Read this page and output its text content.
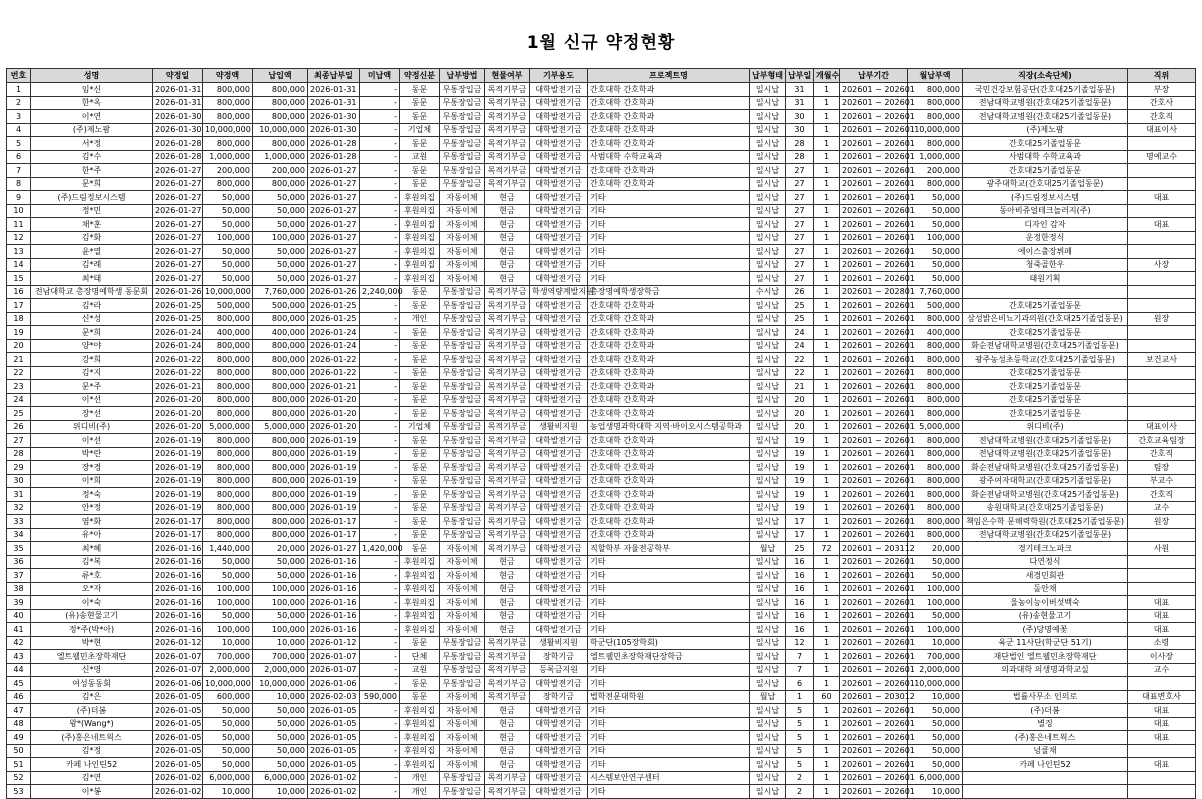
1월 신규 약정현황
번호	성명	약정일	약정액	납입액	최종납부일	미납액	약정신분	납부방법	현물여부	기부용도	프로젝트명	납부형태	납부일	개월수	납부기간	월납부액	직장(소속단체)	직위
1	임*신	2026-01-31	800,000	800,000	2026-01-31	-	동문	무통장입금	목적기부금	대학발전기금	간호대학 간호학과	일시납	31	1	202601 ~ 202601	800,000	국민건강보험공단(간호대25기졸업동문)	부장
2	한*옥	2026-01-31	800,000	800,000	2026-01-31	-	동문	무통장입금	목적기부금	대학발전기금	간호대학 간호학과	일시납	31	1	202601 ~ 202601	800,000	전남대학교병원(간호대25기졸업동문)	간호사
3	이*연	2026-01-30	800,000	800,000	2026-01-30	-	동문	무통장입금	목적기부금	대학발전기금	간호대학 간호학과	일시납	30	1	202601 ~ 202601	800,000	전남대학교병원(간호대25기졸업동문)	간호직
4	(주)제노팜	2026-01-30	10,000,000	10,000,000	2026-01-30	-	기업체	무통장입금	목적기부금	대학발전기금	간호대학 간호학과	일시납	30	1	202601 ~ 202601	10,000,000	(주)제노팜	대표이사
5	서*정	2026-01-28	800,000	800,000	2026-01-28	-	동문	무통장입금	목적기부금	대학발전기금	간호대학 간호학과	일시납	28	1	202601 ~ 202601	800,000	간호대25기졸업동문	
6	김*수	2026-01-28	1,000,000	1,000,000	2026-01-28	-	교원	무통장입금	목적기부금	대학발전기금	사범대학 수학교육과	일시납	28	1	202601 ~ 202601	1,000,000	사범대학 수학교육과	명예교수
7	한*주	2026-01-27	200,000	200,000	2026-01-27	-	동문	무통장입금	목적기부금	대학발전기금	간호대학 간호학과	일시납	27	1	202601 ~ 202601	200,000	간호대25기졸업동문	
8	문*희	2026-01-27	800,000	800,000	2026-01-27	-	동문	무통장입금	목적기부금	대학발전기금	간호대학 간호학과	일시납	27	1	202601 ~ 202601	800,000	광주대학교(간호대25기졸업동문)	
9	(주)드림정보시스템	2026-01-27	50,000	50,000	2026-01-27	-	후원의집	자동이체	현금	대학발전기금	기타	일시납	27	1	202601 ~ 202601	50,000	(주)드림정보시스템	대표
10	정*민	2026-01-27	50,000	50,000	2026-01-27	-	후원의집	자동이체	현금	대학발전기금	기타	일시납	27	1	202601 ~ 202601	50,000	동아비쥬얼테크놀러지(주)	
11	채*훈	2026-01-27	50,000	50,000	2026-01-27	-	후원의집	자동이체	현금	대학발전기금	기타	일시납	27	1	202601 ~ 202601	50,000	디자인 감자	대표
12	김*화	2026-01-27	100,000	100,000	2026-01-27	-	후원의집	자동이체	현금	대학발전기금	기타	일시납	27	1	202601 ~ 202601	100,000	운정한정식	
13	윤*열	2026-01-27	50,000	50,000	2026-01-27	-	후원의집	자동이체	현금	대학발전기금	기타	일시납	27	1	202601 ~ 202601	50,000	에이스출장뷔페	
14	김*례	2026-01-27	50,000	50,000	2026-01-27	-	후원의집	자동이체	현금	대학발전기금	기타	일시납	27	1	202601 ~ 202601	50,000	청죽골한우	사장
15	최*태	2026-01-27	50,000	50,000	2026-01-27	-	후원의집	자동이체	현금	대학발전기금	기타	일시납	27	1	202601 ~ 202601	50,000	태원기획	
16	전남대학교 총장명예학생 동문회	2026-01-26	10,000,000	7,760,000	2026-01-26	2,240,000	동문	무통장입금	목적기부금	학생역량계발지원	총장명예학생장학금	수시납	26	1	202601 ~ 202801	7,760,000		
17	김*라	2026-01-25	500,000	500,000	2026-01-25	-	동문	무통장입금	목적기부금	대학발전기금	간호대학 간호학과	일시납	25	1	202601 ~ 202601	500,000	간호대25기졸업동문	
18	신*성	2026-01-25	800,000	800,000	2026-01-25	-	개인	무통장입금	목적기부금	대학발전기금	간호대학 간호학과	일시납	25	1	202601 ~ 202601	800,000	삼성밝은비뇨기과의원(간호대25기졸업동문)	원장
19	문*희	2026-01-24	400,000	400,000	2026-01-24	-	동문	무통장입금	목적기부금	대학발전기금	간호대학 간호학과	일시납	24	1	202601 ~ 202601	400,000	간호대25기졸업동문	
20	양*야	2026-01-24	800,000	800,000	2026-01-24	-	동문	무통장입금	목적기부금	대학발전기금	간호대학 간호학과	일시납	24	1	202601 ~ 202601	800,000	화순전남대학교병원(간호대25기졸업동문)	
21	강*희	2026-01-22	800,000	800,000	2026-01-22	-	동문	무통장입금	목적기부금	대학발전기금	간호대학 간호학과	일시납	22	1	202601 ~ 202601	800,000	광주농성초등학교(간호대25기졸업동문)	보건교사
22	김*지	2026-01-22	800,000	800,000	2026-01-22	-	동문	무통장입금	목적기부금	대학발전기금	간호대학 간호학과	일시납	22	1	202601 ~ 202601	800,000	간호대25기졸업동문	
23	문*주	2026-01-21	800,000	800,000	2026-01-21	-	동문	무통장입금	목적기부금	대학발전기금	간호대학 간호학과	일시납	21	1	202601 ~ 202601	800,000	간호대25기졸업동문	
24	이*선	2026-01-20	800,000	800,000	2026-01-20	-	동문	무통장입금	목적기부금	대학발전기금	간호대학 간호학과	일시납	20	1	202601 ~ 202601	800,000	간호대25기졸업동문	
25	장*선	2026-01-20	800,000	800,000	2026-01-20	-	동문	무통장입금	목적기부금	대학발전기금	간호대학 간호학과	일시납	20	1	202601 ~ 202601	800,000	간호대25기졸업동문	
26	위디비(주)	2026-01-20	5,000,000	5,000,000	2026-01-20	-	기업체	무통장입금	목적기부금	생활비지원	농업생명과학대학 지역·바이오시스템공학과	일시납	20	1	202601 ~ 202601	5,000,000	위디비(주)	대표이사
27	이*선	2026-01-19	800,000	800,000	2026-01-19	-	동문	무통장입금	목적기부금	대학발전기금	간호대학 간호학과	일시납	19	1	202601 ~ 202601	800,000	전남대학교병원(간호대25기졸업동문)	간호교육팀장
28	박*란	2026-01-19	800,000	800,000	2026-01-19	-	동문	무통장입금	목적기부금	대학발전기금	간호대학 간호학과	일시납	19	1	202601 ~ 202601	800,000	전남대학교병원(간호대25기졸업동문)	간호직
29	장*경	2026-01-19	800,000	800,000	2026-01-19	-	동문	무통장입금	목적기부금	대학발전기금	간호대학 간호학과	일시납	19	1	202601 ~ 202601	800,000	화순전남대학교병원(간호대25기졸업동문)	팀장
30	이*희	2026-01-19	800,000	800,000	2026-01-19	-	동문	무통장입금	목적기부금	대학발전기금	간호대학 간호학과	일시납	19	1	202601 ~ 202601	800,000	광주여자대학교(간호대25기졸업동문)	부교수
31	정*숙	2026-01-19	800,000	800,000	2026-01-19	-	동문	무통장입금	목적기부금	대학발전기금	간호대학 간호학과	일시납	19	1	202601 ~ 202601	800,000	화순전남대학교병원(간호대25기졸업동문)	간호직
32	안*정	2026-01-19	800,000	800,000	2026-01-19	-	동문	무통장입금	목적기부금	대학발전기금	간호대학 간호학과	일시납	19	1	202601 ~ 202601	800,000	송원대학교(간호대25기졸업동문)	교수
33	염*화	2026-01-17	800,000	800,000	2026-01-17	-	동문	무통장입금	목적기부금	대학발전기금	간호대학 간호학과	일시납	17	1	202601 ~ 202601	800,000	책임은수학 문해력학원(간호대25기졸업동문)	원장
34	유*아	2026-01-17	800,000	800,000	2026-01-17	-	동문	무통장입금	목적기부금	대학발전기금	간호대학 간호학과	일시납	17	1	202601 ~ 202601	800,000	전남대학교병원(간호대25기졸업동문)	
35	최*혜	2026-01-16	1,440,000	20,000	2026-01-27	1,420,000	동문	자동이체	목적기부금	대학발전기금	직할학부 자율전공학부	월납	25	72	202601 ~ 203112	20,000	경기테크노파크	사원
36	김*복	2026-01-16	50,000	50,000	2026-01-16	-	후원의집	자동이체	현금	대학발전기금	기타	일시납	16	1	202601 ~ 202601	50,000	다연정식	
37	류*호	2026-01-16	50,000	50,000	2026-01-16	-	후원의집	자동이체	현금	대학발전기금	기타	일시납	16	1	202601 ~ 202601	50,000	새경민회관	
38	오*자	2026-01-16	100,000	100,000	2026-01-16	-	후원의집	자동이체	현금	대학발전기금	기타	일시납	16	1	202601 ~ 202601	100,000	돌안채	
39	이*숙	2026-01-16	100,000	100,000	2026-01-16	-	후원의집	자동이체	현금	대학발전기금	기타	일시납	16	1	202601 ~ 202601	100,000	울농이능이버섯백숙	대표
40	(유)송현물고기	2026-01-16	50,000	50,000	2026-01-16	-	후원의집	자동이체	현금	대학발전기금	기타	일시납	16	1	202601 ~ 202601	50,000	(유)송현물고기	대표
41	정*주(박*아)	2026-01-16	100,000	100,000	2026-01-16	-	후원의집	자동이체	현금	대학발전기금	기타	일시납	16	1	202601 ~ 202601	100,000	(주)당명예꽃	대표
42	박*현	2026-01-12	10,000	10,000	2026-01-12	-	동문	무통장입금	목적기부금	생활비지원	학군단(105장학회)	일시납	12	1	202601 ~ 202601	10,000	육군 11사단(학군단 51기)	소령
43	엘트웰민초장학재단	2026-01-07	700,000	700,000	2026-01-07	-	단체	무통장입금	목적기부금	장학기금	엘트웰민초장학재단장학금	일시납	7	1	202601 ~ 202601	700,000	재단법인 엘트웰민초장학재단	이사장
44	신*영	2026-01-07	2,000,000	2,000,000	2026-01-07	-	교원	무통장입금	목적기부금	등록금지원	기타	일시납	7	1	202601 ~ 202601	2,000,000	의과대학 의생명과학교실	교수
45	여성동동회	2026-01-06	10,000,000	10,000,000	2026-01-06	-	동문	무통장입금	목적기부금	대학발전기금	기타	일시납	6	1	202601 ~ 202601	10,000,000		
46	김*은	2026-01-05	600,000	10,000	2026-02-03	590,000	동문	자동이체	목적기부금	장학기금	법학전문대학원	월납	1	60	202601 ~ 203012	10,000	법률사무소 인의로	대표변호사
47	(주)더봄	2026-01-05	50,000	50,000	2026-01-05	-	후원의집	자동이체	현금	대학발전기금	기타	일시납	5	1	202601 ~ 202601	50,000	(주)더봄	대표
48	왕*(Wang*)	2026-01-05	50,000	50,000	2026-01-05	-	후원의집	자동이체	현금	대학발전기금	기타	일시납	5	1	202601 ~ 202601	50,000	별징	대표
49	(주)홍은네트웍스	2026-01-05	50,000	50,000	2026-01-05	-	후원의집	자동이체	현금	대학발전기금	기타	일시납	5	1	202601 ~ 202601	50,000	(주)홍은네트웍스	대표
50	김*정	2026-01-05	50,000	50,000	2026-01-05	-	후원의집	자동이체	현금	대학발전기금	기타	일시납	5	1	202601 ~ 202601	50,000	넝쿨채	
51	카페 나인틴52	2026-01-05	50,000	50,000	2026-01-05	-	후원의집	자동이체	현금	대학발전기금	기타	일시납	5	1	202601 ~ 202601	50,000	카페 나인틴52	대표
52	김*연	2026-01-02	6,000,000	6,000,000	2026-01-02	-	개인	무통장입금	목적기부금	대학발전기금	시스템보안연구센터	일시납	2	1	202601 ~ 202601	6,000,000		
53	이*봉	2026-01-02	10,000	10,000	2026-01-02	-	개인	무통장입금	목적기부금	대학발전기금	기타	일시납	2	1	202601 ~ 202601	10,000		
